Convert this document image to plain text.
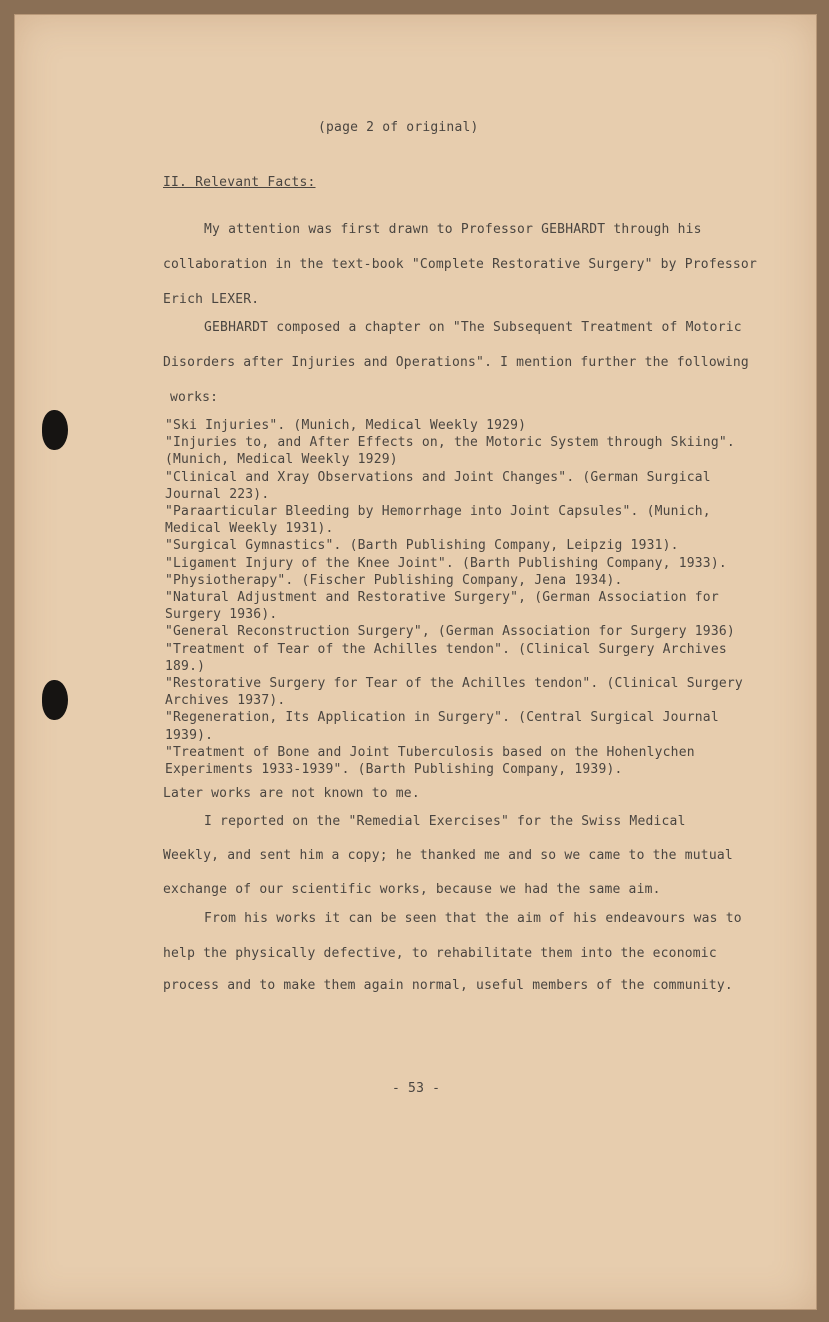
(page 2 of original)
II. Relevant Facts:
My attention was first drawn to Professor GEBHARDT through his
collaboration in the text-book "Complete Restorative Surgery" by Professor
Erich LEXER.
GEBHARDT composed a chapter on "The Subsequent Treatment of Motoric
Disorders after Injuries and Operations". I mention further the following
works:
"Ski Injuries". (Munich, Medical Weekly 1929)
"Injuries to, and After Effects on, the Motoric System through Skiing".
(Munich, Medical Weekly 1929)
"Clinical and Xray Observations and Joint Changes". (German Surgical
Journal 223).
"Paraarticular Bleeding by Hemorrhage into Joint Capsules". (Munich,
Medical Weekly 1931).
"Surgical Gymnastics". (Barth Publishing Company, Leipzig 1931).
"Ligament Injury of the Knee Joint". (Barth Publishing Company, 1933).
"Physiotherapy". (Fischer Publishing Company, Jena 1934).
"Natural Adjustment and Restorative Surgery", (German Association for
Surgery 1936).
"General Reconstruction Surgery", (German Association for Surgery 1936)
"Treatment of Tear of the Achilles tendon". (Clinical Surgery Archives
189.)
"Restorative Surgery for Tear of the Achilles tendon". (Clinical Surgery
Archives 1937).
"Regeneration, Its Application in Surgery". (Central Surgical Journal
1939).
"Treatment of Bone and Joint Tuberculosis based on the Hohenlychen
Experiments 1933-1939". (Barth Publishing Company, 1939).
Later works are not known to me.
I reported on the "Remedial Exercises" for the Swiss Medical
Weekly, and sent him a copy; he thanked me and so we came to the mutual
exchange of our scientific works, because we had the same aim.
From his works it can be seen that the aim of his endeavours was to
help the physically defective, to rehabilitate them into the economic
process and to make them again normal, useful members of the community.
- 53 -
